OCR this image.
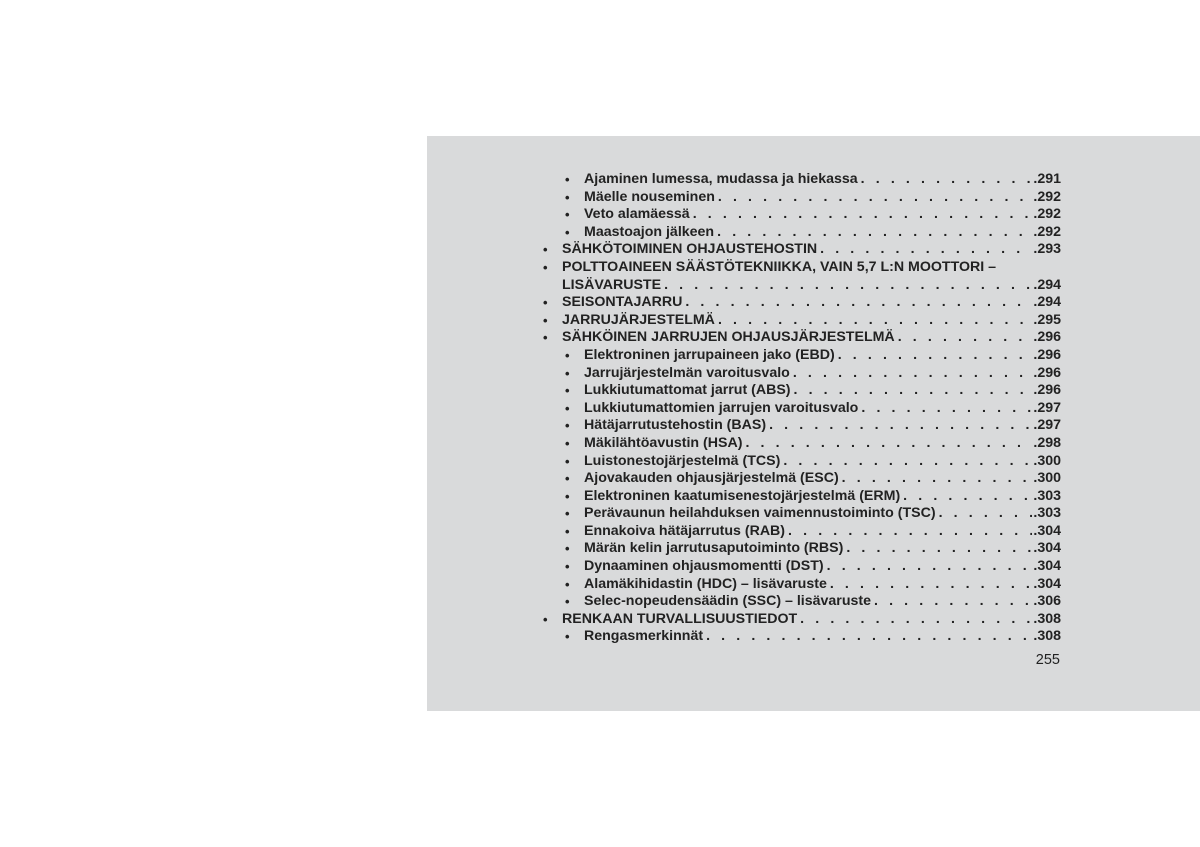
• Ajaminen lumessa, mudassa ja hiekassa . . .	.291
• Mäelle nouseminen . . .	.292
• Veto alamäessä . . .	.292
• Maastoajon jälkeen . . .	.292
• SÄHKÖTOIMINEN OHJAUSTEHOSTIN . . .	.293
• POLTTOAINEEN SÄÄSTÖTEKNIIKKA, VAIN 5,7 L:N MOOTTORI –
LISÄVARUSTE . . .	.294
• SEISONTAJARRU . . .	.294
• JARRUJÄRJESTELMÄ . . .	.295
• SÄHKÖINEN JARRUJEN OHJAUSJÄRJESTELMÄ . . .	.296
• Elektroninen jarrupaineen jako (EBD) . . .	.296
• Jarrujärjestelmän varoitusvalo . . .	.296
• Lukkiutumattomat jarrut (ABS) . . .	.296
• Lukkiutumattomien jarrujen varoitusvalo . . .	.297
• Hätäjarrutustehostin (BAS) . . .	.297
• Mäkilähtöavustin (HSA) . . .	.298
• Luistonestojärjestelmä (TCS) . . .	.300
• Ajovakauden ohjausjärjestelmä (ESC) . . .	.300
• Elektroninen kaatumisenestojärjestelmä (ERM) . . .	.303
• Perävaunun heilahduksen vaimennustoiminto (TSC) . . .	.303
• Ennakoiva hätäjarrutus (RAB) . . .	.304
• Märän kelin jarrutusaputoiminto (RBS) . . .	.304
• Dynaaminen ohjausmomentti (DST) . . .	.304
• Alamäkihidastin (HDC) – lisävaruste . . .	.304
• Selec-nopeudensäädin (SSC) – lisävaruste . . .	.306
• RENKAAN TURVALLISUUSTIEDOT . . .	.308
• Rengasmerkinnät . . .	.308
255
